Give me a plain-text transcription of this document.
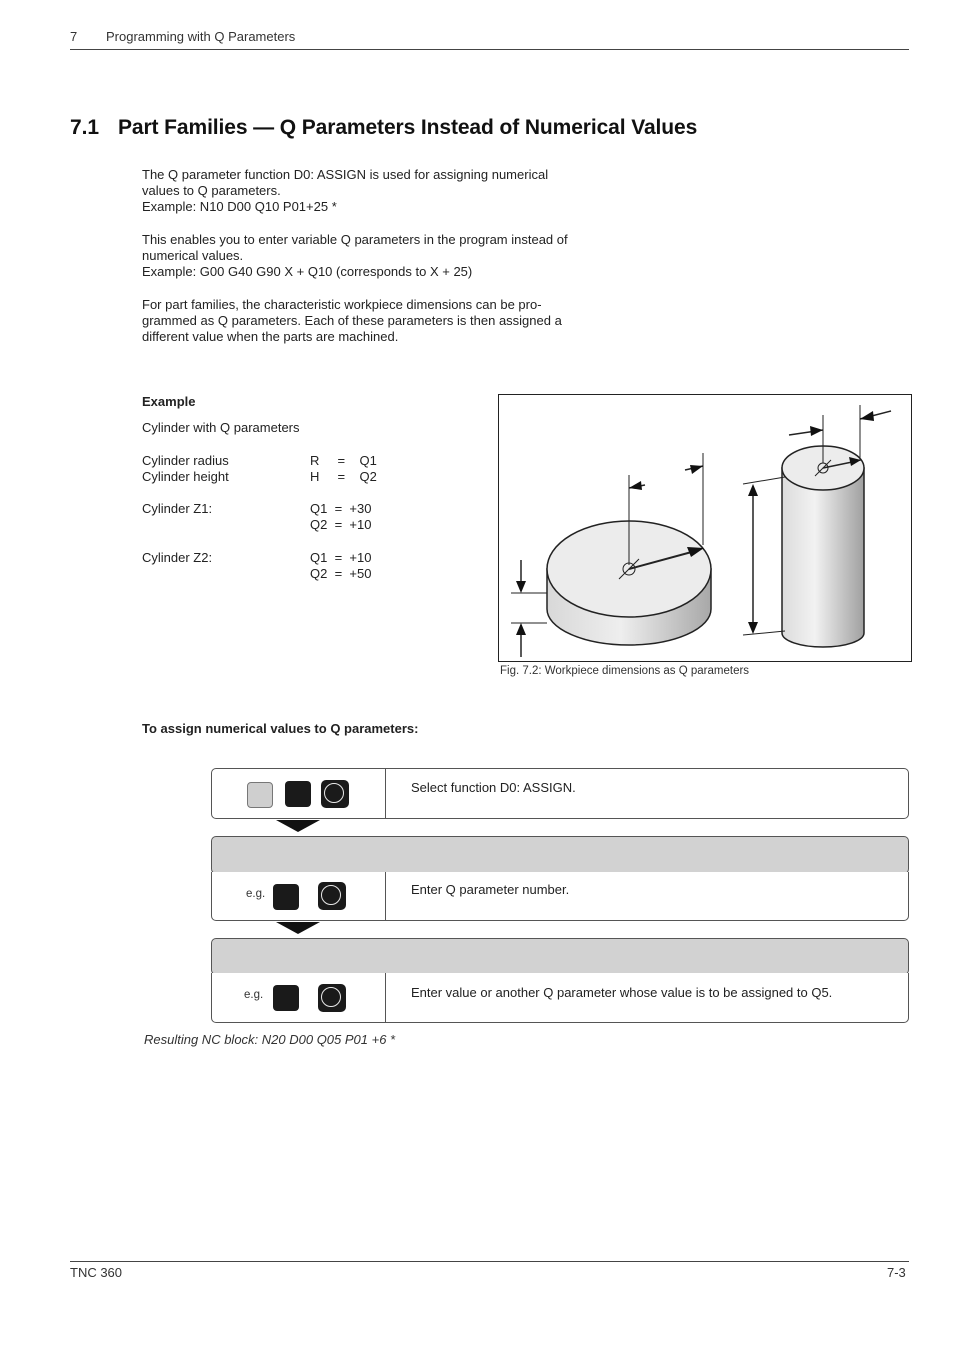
7 Programming with Q Parameters
7.1 Part Families — Q Parameters Instead of Numerical Values
The Q parameter function D0: ASSIGN is used for assigning numerical
values to Q parameters.
Example: N10 D00 Q10 P01+25 *
This enables you to enter variable Q parameters in the program instead of
numerical values.
Example: G00 G40 G90 X + Q10 (corresponds to X + 25)
For part families, the characteristic workpiece dimensions can be pro-
grammed as Q parameters. Each of these parameters is then assigned a
different value when the parts are machined.
Example
Cylinder with Q parameters
Cylinder radius	R     =    Q1
Cylinder height	H     =    Q2
Cylinder Z1:	Q1  =  +30
Q2  =  +10
Cylinder Z2:	Q1  =  +10
Q2  =  +50
Fig. 7.2: Workpiece dimensions as Q parameters
To assign numerical values to Q parameters:
Select function D0: ASSIGN.
e.g.	Enter Q parameter number.
e.g.	Enter value or another Q parameter whose value is to be assigned to Q5.
Resulting NC block: N20 D00 Q05 P01 +6 *
TNC 360	7-3
